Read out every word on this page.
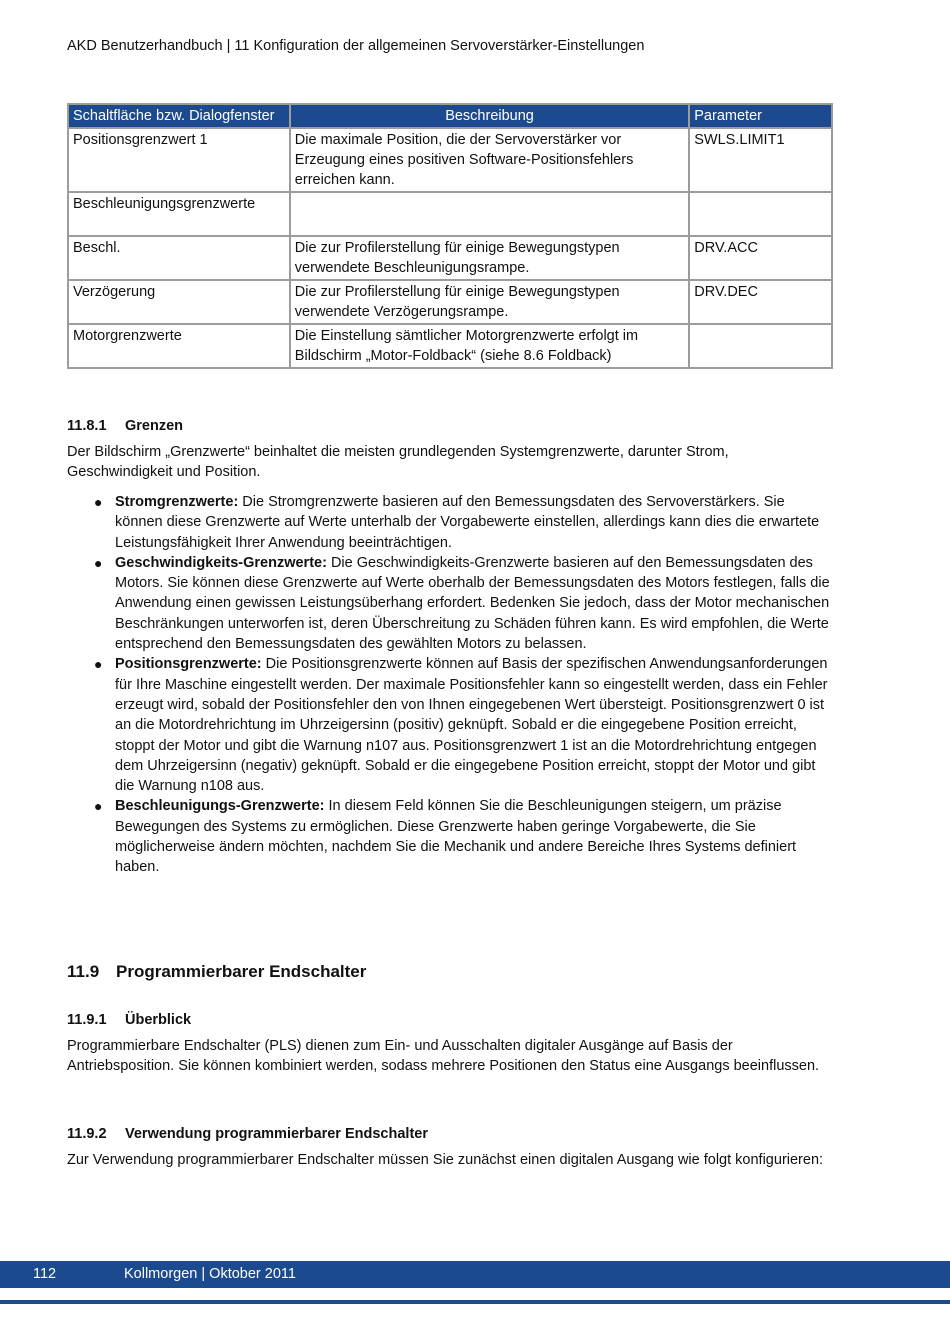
AKD Benutzerhandbuch | 11 Konfiguration der allgemeinen Servoverstärker-Einstellungen
Schaltfläche bzw. Dialogfenster	Beschreibung	Parameter
Positionsgrenzwert 1	Die maximale Position, die der Servoverstärker vor Erzeugung eines positiven Software-Positionsfehlers erreichen kann.	SWLS.LIMIT1
Beschleunigungsgrenzwerte		
Beschl.	Die zur Profilerstellung für einige Bewegungstypen verwendete Beschleunigungsrampe.	DRV.ACC
Verzögerung	Die zur Profilerstellung für einige Bewegungstypen verwendete Verzögerungsrampe.	DRV.DEC
Motorgrenzwerte	Die Einstellung sämtlicher Motorgrenzwerte erfolgt im Bildschirm „Motor-Foldback“ (siehe 8.6 Foldback)	
11.8.1 Grenzen
Der Bildschirm „Grenzwerte“ beinhaltet die meisten grundlegenden Systemgrenzwerte, darunter Strom, Geschwindigkeit und Position.
● Stromgrenzwerte: Die Stromgrenzwerte basieren auf den Bemessungsdaten des Servoverstärkers. Sie können diese Grenzwerte auf Werte unterhalb der Vorgabewerte einstellen, allerdings kann dies die erwartete Leistungsfähigkeit Ihrer Anwendung beeinträchtigen.
● Geschwindigkeits-Grenzwerte: Die Geschwindigkeits-Grenzwerte basieren auf den Bemessungsdaten des Motors. Sie können diese Grenzwerte auf Werte oberhalb der Bemessungsdaten des Motors festlegen, falls die Anwendung einen gewissen Leistungsüberhang erfordert. Bedenken Sie jedoch, dass der Motor mechanischen Beschränkungen unterworfen ist, deren Überschreitung zu Schäden führen kann. Es wird empfohlen, die Werte entsprechend den Bemessungsdaten des gewählten Motors zu belassen.
● Positionsgrenzwerte: Die Positionsgrenzwerte können auf Basis der spezifischen Anwendungsanforderungen für Ihre Maschine eingestellt werden. Der maximale Positionsfehler kann so eingestellt werden, dass ein Fehler erzeugt wird, sobald der Positionsfehler den von Ihnen eingegebenen Wert übersteigt. Positionsgrenzwert 0 ist an die Motordrehrichtung im Uhrzeigersinn (positiv) geknüpft. Sobald er die eingegebene Position erreicht, stoppt der Motor und gibt die Warnung n107 aus. Positionsgrenzwert 1 ist an die Motordrehrichtung entgegen dem Uhrzeigersinn (negativ) geknüpft. Sobald er die eingegebene Position erreicht, stoppt der Motor und gibt die Warnung n108 aus.
● Beschleunigungs-Grenzwerte: In diesem Feld können Sie die Beschleunigungen steigern, um präzise Bewegungen des Systems zu ermöglichen. Diese Grenzwerte haben geringe Vorgabewerte, die Sie möglicherweise ändern möchten, nachdem Sie die Mechanik und andere Bereiche Ihres Systems definiert haben.
11.9 Programmierbarer Endschalter
11.9.1 Überblick
Programmierbare Endschalter (PLS) dienen zum Ein- und Ausschalten digitaler Ausgänge auf Basis der Antriebsposition. Sie können kombiniert werden, sodass mehrere Positionen den Status eine Ausgangs beeinflussen.
11.9.2 Verwendung programmierbarer Endschalter
Zur Verwendung programmierbarer Endschalter müssen Sie zunächst einen digitalen Ausgang wie folgt konfigurieren:
112	Kollmorgen | Oktober 2011
